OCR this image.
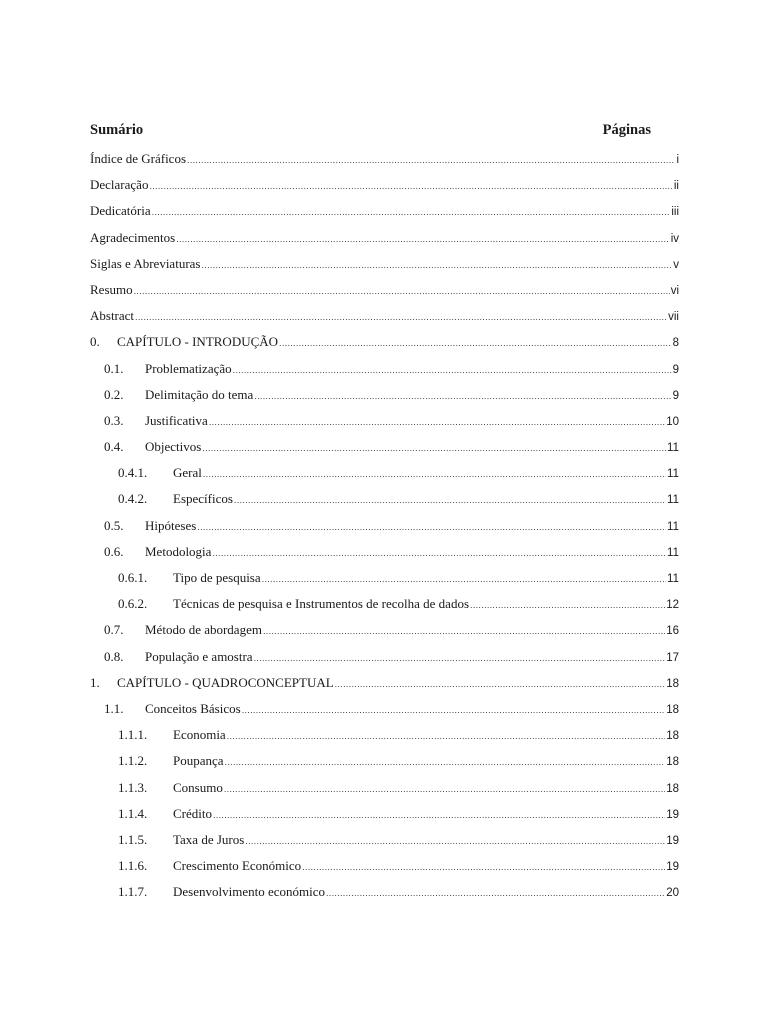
Sumário	Páginas
Índice de Gráficos .....	i
Declaração .....	ii
Dedicatória .....	iii
Agradecimentos .....	iv
Siglas e Abreviaturas .....	v
Resumo .....	vi
Abstract .....	vii
0.	CAPÍTULO - INTRODUÇÃO .....	8
0.1.	Problematização .....	9
0.2.	Delimitação do tema .....	9
0.3.	Justificativa .....	10
0.4.	Objectivos .....	11
0.4.1.	Geral .....	11
0.4.2.	Específicos .....	11
0.5.	Hipóteses .....	11
0.6.	Metodologia .....	11
0.6.1.	Tipo de pesquisa .....	11
0.6.2.	Técnicas de pesquisa e Instrumentos de recolha de dados .....	12
0.7.	Método de abordagem .....	16
0.8.	População e amostra .....	17
1.	CAPÍTULO - QUADROCONCEPTUAL .....	18
1.1.	Conceitos Básicos .....	18
1.1.1.	Economia .....	18
1.1.2.	Poupança .....	18
1.1.3.	Consumo .....	18
1.1.4.	Crédito .....	19
1.1.5.	Taxa de Juros .....	19
1.1.6.	Crescimento Económico .....	19
1.1.7.	Desenvolvimento económico .....	20
